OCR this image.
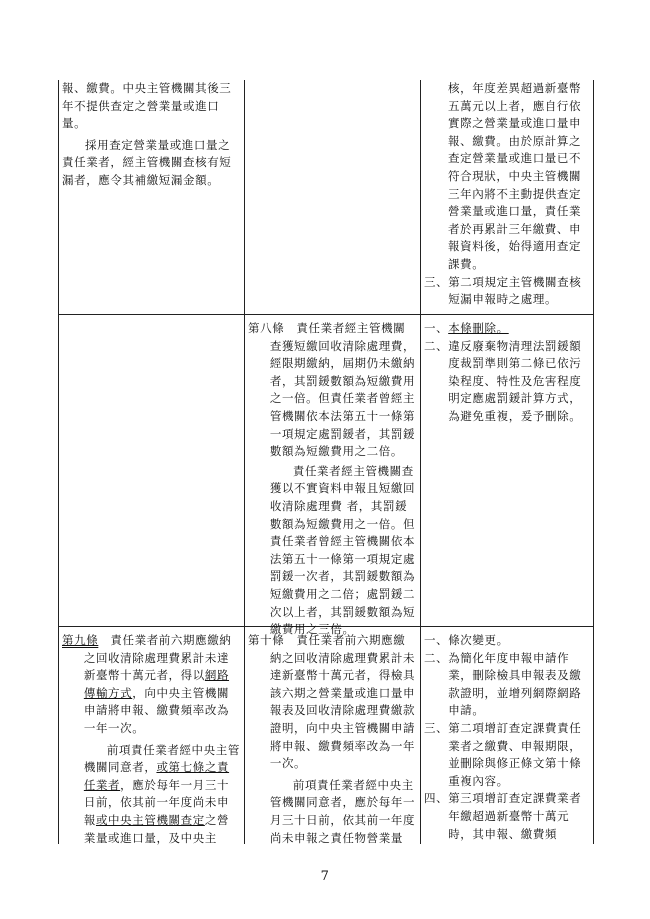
報、繳費。中央主管機關其後三年不提供查定之營業量或進口量。

採用查定營業量或進口量之責任業者，經主管機關查核有短漏者，應令其補繳短漏金額。

核，年度差異超過新臺幣五萬元以上者，應自行依實際之營業量或進口量申報、繳費。由於原計算之查定營業量或進口量已不符合現狀，中央主管機關三年內將不主動提供查定營業量或進口量，責任業者於再累計三年繳費、申報資料後，始得適用查定課費。

三、 第二項規定主管機關查核短漏申報時之處理。

第八條　責任業者經主管機關查獲短繳回收清除處理費，經限期繳納，屆期仍未繳納者，其罰鍰數額為短繳費用之一倍。但責任業者曾經主管機關依本法第五十一條第一項規定處罰鍰者，其罰鍰數額為短繳費用之二倍。

責任業者經主管機關查獲以不實資料申報且短繳回收清除處理費 者，其罰鍰數額為短繳費用之一倍。但責任業者曾經主管機關依本法第五十一條第一項規定處罰鍰一次者，其罰鍰數額為短繳費用之二倍；處罰鍰二次以上者，其罰鍰數額為短繳費用之三倍。

一、 本條刪除。
二、 違反廢棄物清理法罰鍰額度裁罰準則第二條已依污染程度、特性及危害程度明定應處罰鍰計算方式，為避免重複，爰予刪除。

第九條　責任業者前六期應繳納之回收清除處理費累計未達新臺幣十萬元者，得以網路傳輸方式，向中央主管機關申請將申報、繳費頻率改為一年一次。

前項責任業者經中央主管機關同意者，或第七條之責任業者，應於每年一月三十日前，依其前一年度尚未申報或中央主管機關查定之營業量或進口量，及中央主

第十條　責任業者前六期應繳納之回收清除處理費累計未達新臺幣十萬元者，得檢具該六期之營業量或進口量申報表及回收清除處理費繳款證明，向中央主管機關申請將申報、繳費頻率改為一年一次。

前項責任業者經中央主管機關同意者，應於每年一月三十日前，依其前一年度尚未申報之責任物營業量

一、 條次變更。
二、 為簡化年度申報申請作業，刪除檢具申報表及繳款證明，並增列網際網路申請。
三、 第二項增訂查定課費責任業者之繳費、申報期限，並刪除與修正條文第十條重複內容。
四、 第三項增訂查定課費業者年繳超過新臺幣十萬元時，其申報、繳費頻
7
